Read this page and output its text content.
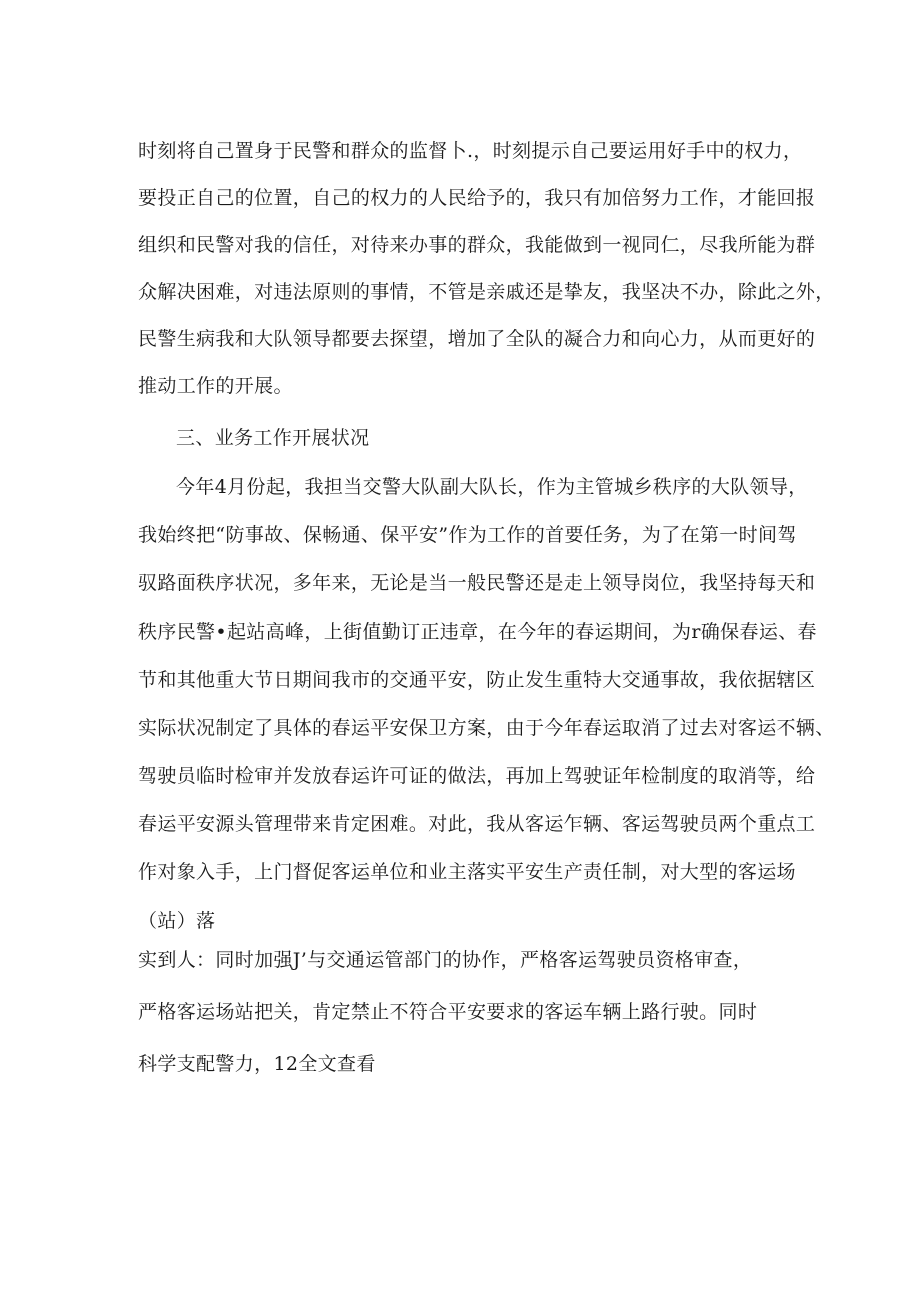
时刻将自己置身于民警和群众的监督卜.，时刻提示自己要运用好手中的权力，
要投正自己的位置，自己的权力的人民给予的，我只有加倍努力工作，才能回报
组织和民警对我的信任，对待来办事的群众，我能做到一视同仁，尽我所能为群
众解决困难，对违法原则的事情，不管是亲戚还是挚友，我坚决不办，除此之外，
民警生病我和大队领导都要去探望，增加了全队的凝合力和向心力，从而更好的
推动工作的开展。
三、业务工作开展状况
今年4月份起，我担当交警大队副大队长，作为主管城乡秩序的大队领导，
我始终把“防事故、保畅通、保平安”作为工作的首要任务，为了在第一时间驾
驭路面秩序状况，多年来，无论是当一般民警还是走上领导岗位，我坚持每天和
秩序民警•起站高峰，上街值勤订正违章，在今年的春运期间，为r确保春运、春
节和其他重大节日期间我市的交通平安，防止发生重特大交通事故，我依据辖区
实际状况制定了具体的春运平安保卫方案，由于今年春运取消了过去对客运不辆、
驾驶员临时检审并发放春运许可证的做法，再加上驾驶证年检制度的取消等，给
春运平安源头管理带来肯定困难。对此，我从客运乍辆、客运驾驶员两个重点工
作对象入手，上门督促客运单位和业主落实平安生产责任制，对大型的客运场
（站）落
实到人：同时加强J’与交通运管部门的协作，严格客运驾驶员资格审查，
严格客运场站把关，肯定禁止不符合平安要求的客运车辆上路行驶。同时
科学支配警力，12全文查看
